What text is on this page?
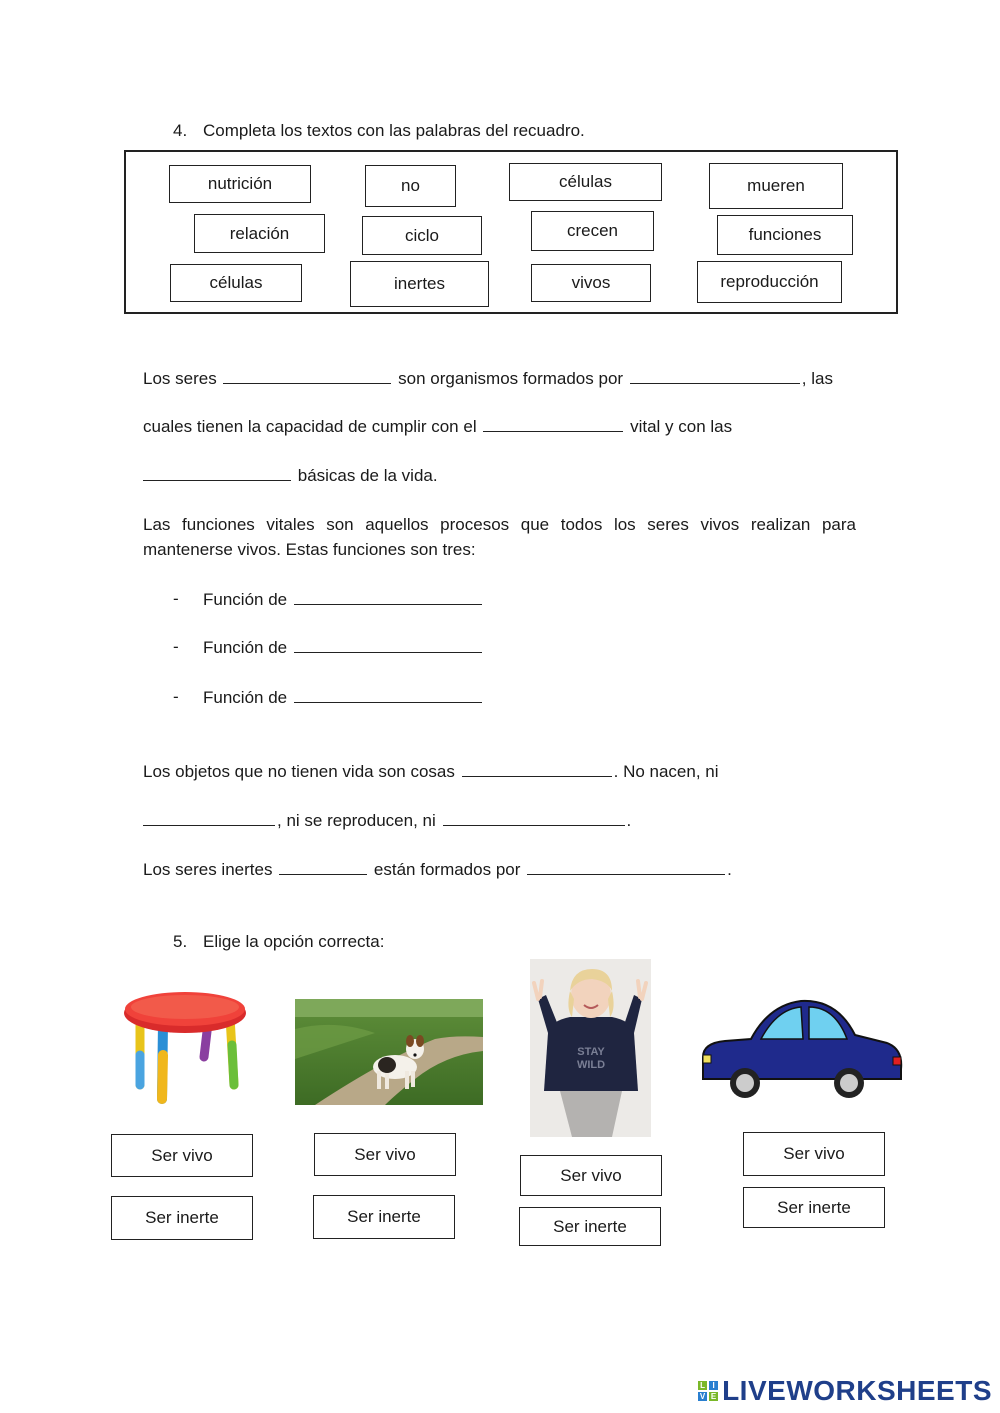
4. Completa los textos con las palabras del recuadro.
nutrición	no	células	mueren
relación	ciclo	crecen	funciones
células	inertes	vivos	reproducción
Los seres	son organismos formados por	, las
cuales tienen la capacidad de cumplir con el	vital y con las
básicas de la vida.
Las funciones vitales son aquellos procesos que todos los seres vivos realizan para mantenerse vivos. Estas funciones son tres:
- Función de
- Función de
- Función de
Los objetos que no tienen vida son cosas	. No nacen, ni
, ni se reproducen, ni	.
Los seres inertes	están formados por	.
5. Elige la opción correcta:
STAY
WILD
Ser vivo
Ser inerte
Ser vivo
Ser inerte
Ser vivo
Ser inerte
Ser vivo
Ser inerte
L I
V E LIVEWORKSHEETS
